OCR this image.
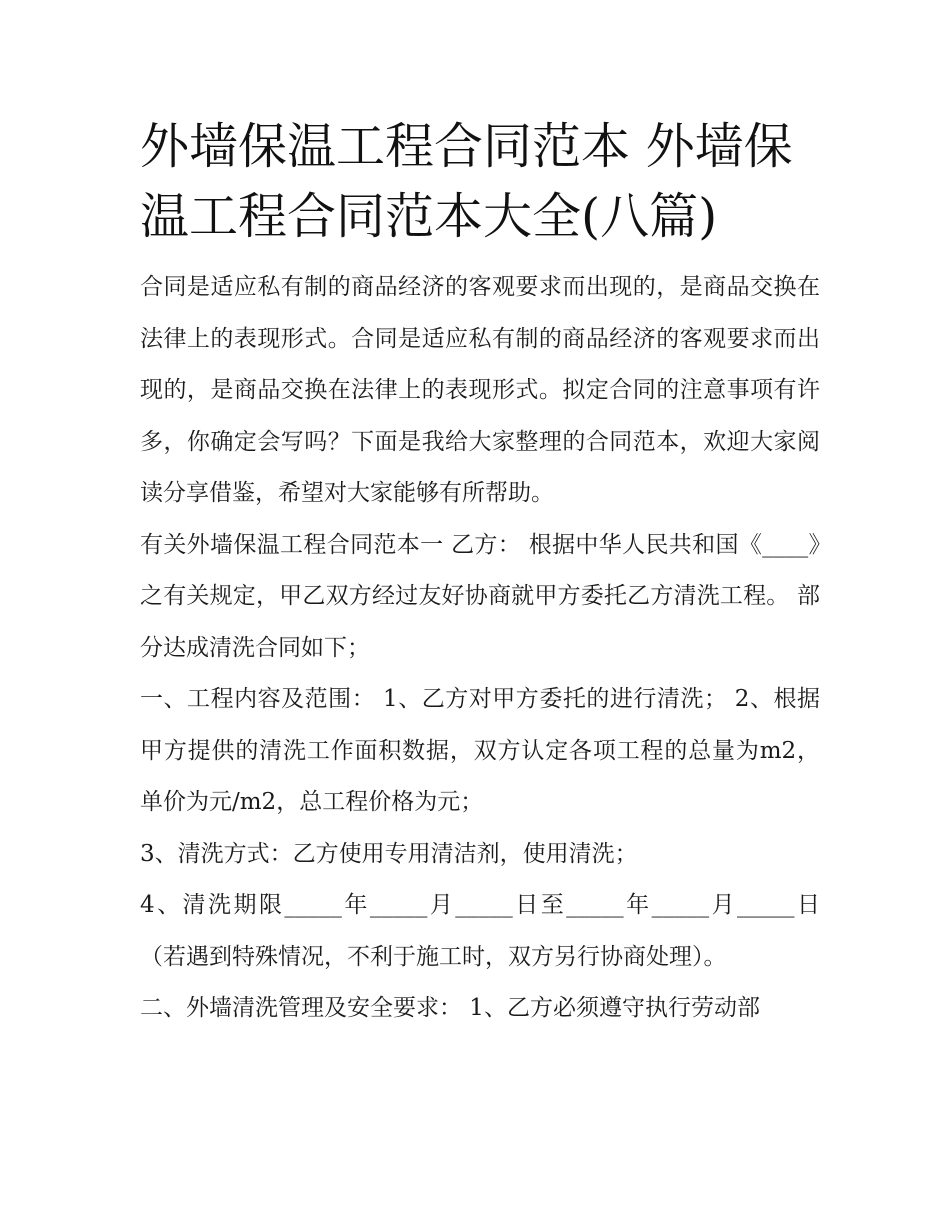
外墙保温工程合同范本 外墙保温工程合同范本大全(八篇)

合同是适应私有制的商品经济的客观要求而出现的，是商品交换在法律上的表现形式。合同是适应私有制的商品经济的客观要求而出现的，是商品交换在法律上的表现形式。拟定合同的注意事项有许多，你确定会写吗？下面是我给大家整理的合同范本，欢迎大家阅读分享借鉴，希望对大家能够有所帮助。

有关外墙保温工程合同范本一 乙方： 根据中华人民共和国《____》之有关规定，甲乙双方经过友好协商就甲方委托乙方清洗工程。 部分达成清洗合同如下；

一、工程内容及范围： 1、乙方对甲方委托的进行清洗； 2、根据甲方提供的清洗工作面积数据，双方认定各项工程的总量为m2，单价为元/m2，总工程价格为元；

3、清洗方式：乙方使用专用清洁剂，使用清洗；

4、清洗期限_____年_____月_____日至_____年_____月_____日（若遇到特殊情况，不利于施工时，双方另行协商处理）。

二、外墙清洗管理及安全要求： 1、乙方必须遵守执行劳动部
